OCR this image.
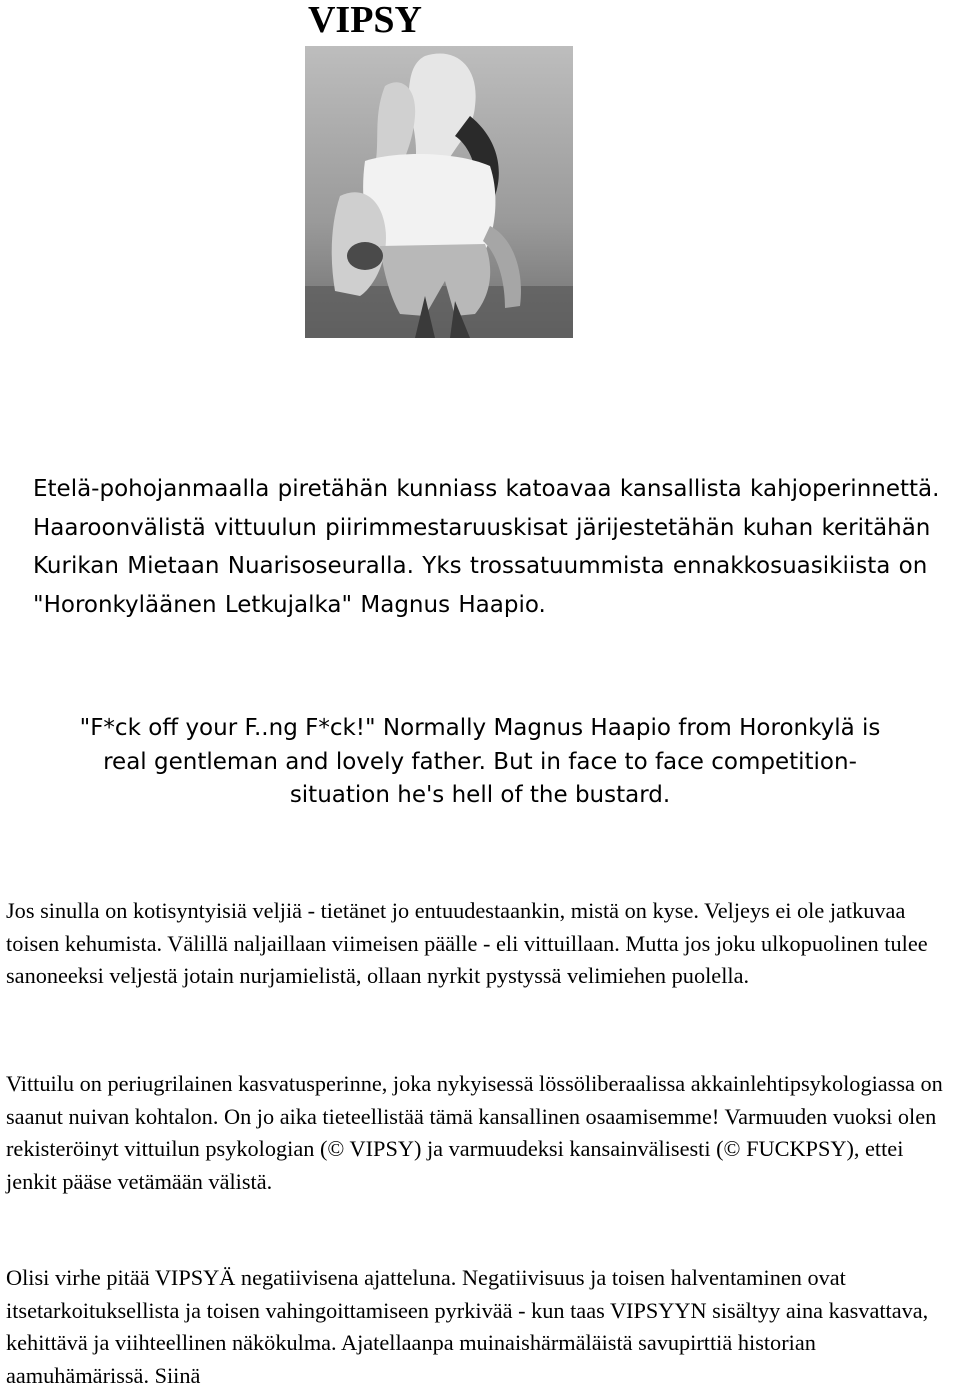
VIPSY

Etelä-pohojanmaalla piretähän kunniass katoavaa kansallista kahjoperinnettä. Haaroonvälistä vittuulun piirimmestaruuskisat järijestetähän kuhan keritähän Kurikan Mietaan Nuarisoseuralla. Yks trossatuummista ennakkosuasikiista on "Horonkyläänen Letkujalka" Magnus Haapio.

"F*ck off your F..ng F*ck!" Normally Magnus Haapio from Horonkylä is
real gentleman and lovely father. But in face to face competition-
situation he's hell of the bustard.

Jos sinulla on kotisyntyisiä veljiä - tietänet jo entuudestaankin, mistä on kyse. Veljeys ei ole jatkuvaa toisen kehumista. Välillä naljaillaan viimeisen päälle - eli vittuillaan. Mutta jos joku ulkopuolinen tulee sanoneeksi veljestä jotain nurjamielistä, ollaan nyrkit pystyssä velimiehen puolella.

Vittuilu on periugrilainen kasvatusperinne, joka nykyisessä lössöliberaalissa akkainlehtipsykologiassa on saanut nuivan kohtalon. On jo aika tieteellistää tämä kansallinen osaamisemme! Varmuuden vuoksi olen rekisteröinyt vittuilun psykologian (© VIPSY) ja varmuudeksi kansainvälisesti (© FUCKPSY), ettei jenkit pääse vetämään välistä.

Olisi virhe pitää VIPSYÄ negatiivisena ajatteluna. Negatiivisuus ja toisen halventaminen ovat itsetarkoituksellista ja toisen vahingoittamiseen pyrkivää - kun taas VIPSYYN sisältyy aina kasvattava, kehittävä ja viihteellinen näkökulma. Ajatellaanpa muinaishärmäläistä savupirttiä historian aamuhämärissä. Siinä
